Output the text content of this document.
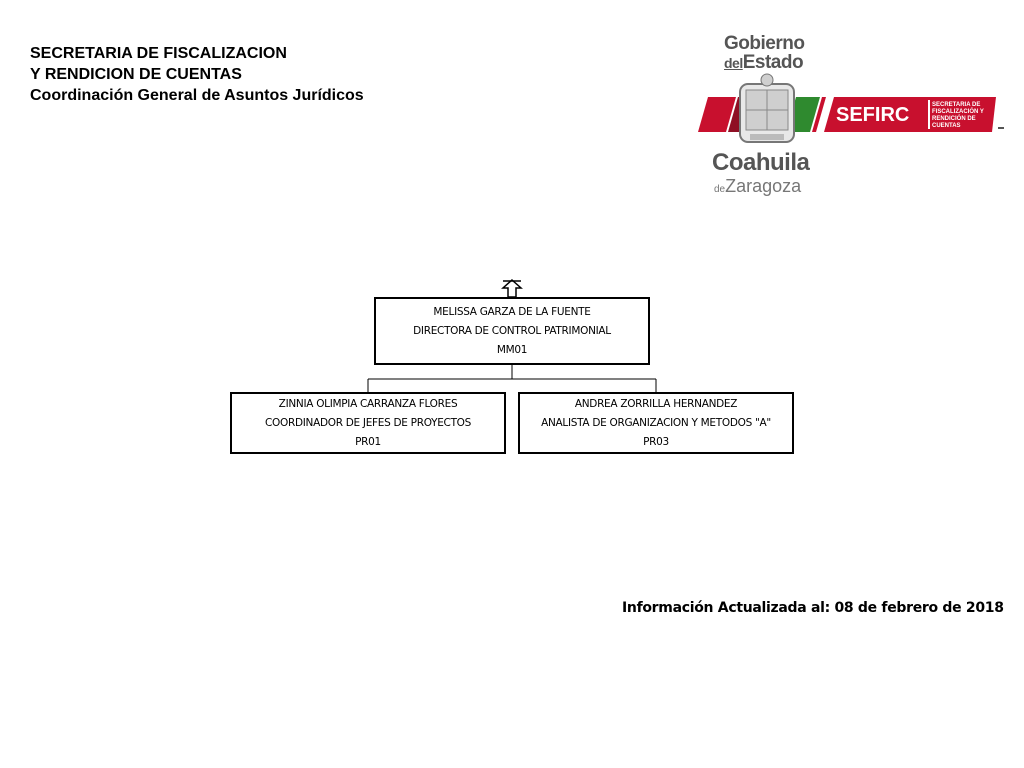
SECRETARIA DE FISCALIZACION
Y RENDICION DE CUENTAS
Coordinación General de Asuntos Jurídicos
Gobierno
delEstado
SEFIRC	SECRETARIA DE FISCALIZACIÓN Y RENDICIÓN DE CUENTAS
Coahuila
deZaragoza
MELISSA GARZA DE LA FUENTE
DIRECTORA DE CONTROL PATRIMONIAL
MM01
ZINNIA OLIMPIA CARRANZA FLORES
COORDINADOR DE JEFES DE PROYECTOS
PR01
ANDREA ZORRILLA HERNANDEZ
ANALISTA DE ORGANIZACION Y METODOS "A"
PR03
Información Actualizada al: 08 de febrero de 2018
